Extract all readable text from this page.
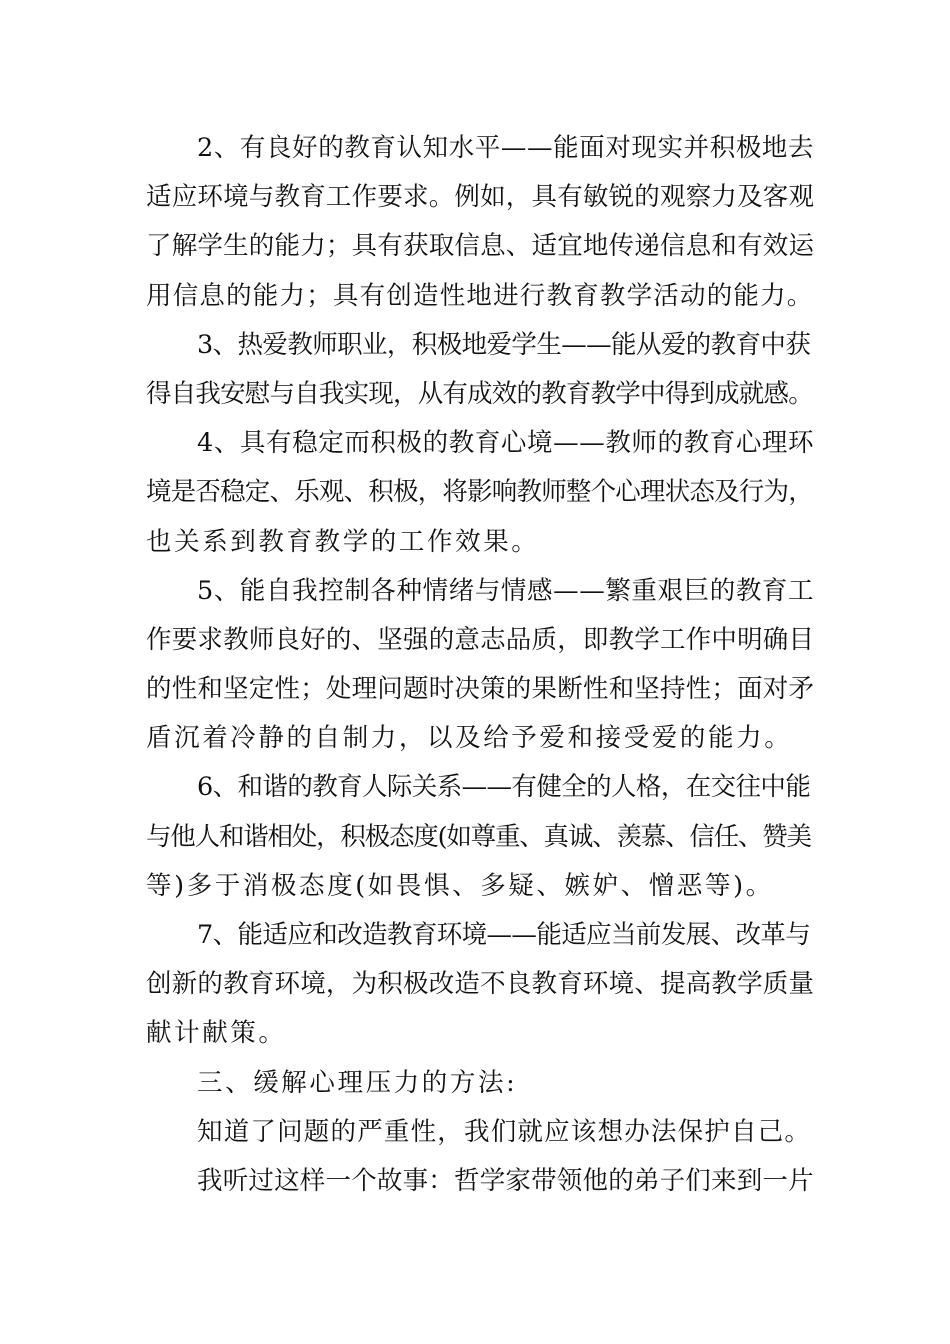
2、有良好的教育认知水平——能面对现实并积极地去
适应环境与教育工作要求。例如，具有敏锐的观察力及客观
了解学生的能力；具有获取信息、适宜地传递信息和有效运
用信息的能力；具有创造性地进行教育教学活动的能力。
3、热爱教师职业，积极地爱学生——能从爱的教育中获
得自我安慰与自我实现，从有成效的教育教学中得到成就感。
4、具有稳定而积极的教育心境——教师的教育心理环
境是否稳定、乐观、积极，将影响教师整个心理状态及行为，
也关系到教育教学的工作效果。
5、能自我控制各种情绪与情感——繁重艰巨的教育工
作要求教师良好的、坚强的意志品质，即教学工作中明确目
的性和坚定性；处理问题时决策的果断性和坚持性；面对矛
盾沉着冷静的自制力，以及给予爱和接受爱的能力。
6、和谐的教育人际关系——有健全的人格，在交往中能
与他人和谐相处，积极态度(如尊重、真诚、羡慕、信任、赞美
等)多于消极态度(如畏惧、多疑、嫉妒、憎恶等)。
7、能适应和改造教育环境——能适应当前发展、改革与
创新的教育环境，为积极改造不良教育环境、提高教学质量
献计献策。
三、缓解心理压力的方法:
知道了问题的严重性，我们就应该想办法保护自己。
我听过这样一个故事：哲学家带领他的弟子们来到一片
